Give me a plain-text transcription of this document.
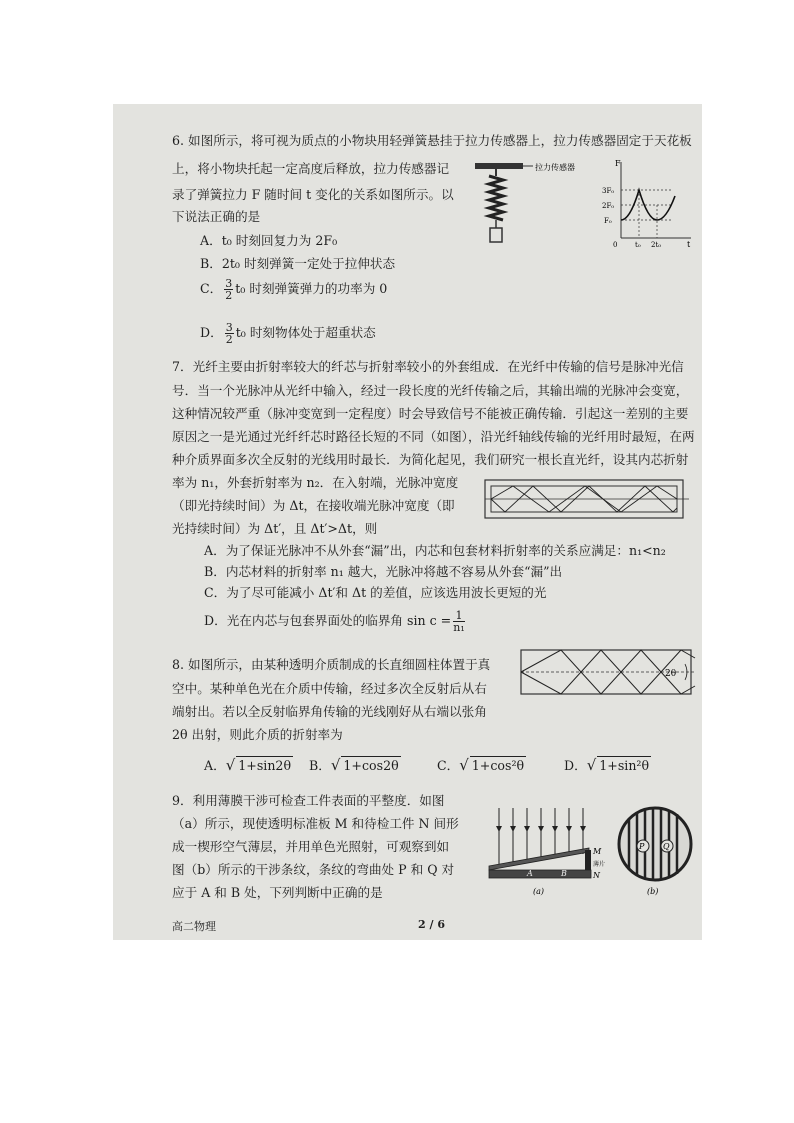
6. 如图所示，将可视为质点的小物块用轻弹簧悬挂于拉力传感器上，拉力传感器固定于天花板
上，将小物块托起一定高度后释放，拉力传感器记
录了弹簧拉力 F 随时间 t 变化的关系如图所示。以
下说法正确的是
A．t₀ 时刻回复力为 2F₀
B．2t₀ 时刻弹簧一定处于拉伸状态
C． $\frac{3}{2} t_0$ 时刻弹簧弹力的功率为 0
D． $\frac{3}{2} t_0$ 时刻物体处于超重状态
拉力传感器	F
t
3F₀
2F₀
F₀
0	t₀ 2t₀
7．光纤主要由折射率较大的纤芯与折射率较小的外套组成．在光纤中传输的信号是脉冲光信
号．当一个光脉冲从光纤中输入，经过一段长度的光纤传输之后，其输出端的光脉冲会变宽，
这种情况较严重（脉冲变宽到一定程度）时会导致信号不能被正确传输．引起这一差别的主要
原因之一是光通过光纤纤芯时路径长短的不同（如图），沿光纤轴线传输的光纤用时最短，在两
种介质界面多次全反射的光线用时最长．为简化起见，我们研究一根长直光纤，设其内芯折射
率为 n₁，外套折射率为 n₂．在入射端，光脉冲宽度
（即光持续时间）为 Δt，在接收端光脉冲宽度（即
光持续时间）为 Δt′，且 Δt′>Δt，则
A．为了保证光脉冲不从外套“漏”出，内芯和包套材料折射率的关系应满足：n₁<n₂
B．内芯材料的折射率 n₁ 越大，光脉冲将越不容易从外套“漏”出
C．为了尽可能减小 Δt′和 Δt 的差值，应该选用波长更短的光
D．光在内芯与包套界面处的临界角 $\sin c = \frac{1}{\text{n₁}}$
8. 如图所示，由某种透明介质制成的长直细圆柱体置于真
空中。某种单色光在介质中传输，经过多次全反射后从右
端射出。若以全反射临界角传输的光线刚好从右端以张角
2θ 出射，则此介质的折射率为
2θ
A．√ 1+sin2θ B．√ 1+cos2θ	C．√ 1+cos²θ	D．√ 1+sin²θ
9．利用薄膜干涉可检查工件表面的平整度．如图
（a）所示，现使透明标准板 M 和待检工件 N 间形
成一楔形空气薄层，并用单色光照射，可观察到如
图（b）所示的干涉条纹，条纹的弯曲处 P 和 Q 对
应于 A 和 B 处，下列判断中正确的是
M
薄片
N
A	B
(a)
P Q
(b)
高二物理	2 / 6
